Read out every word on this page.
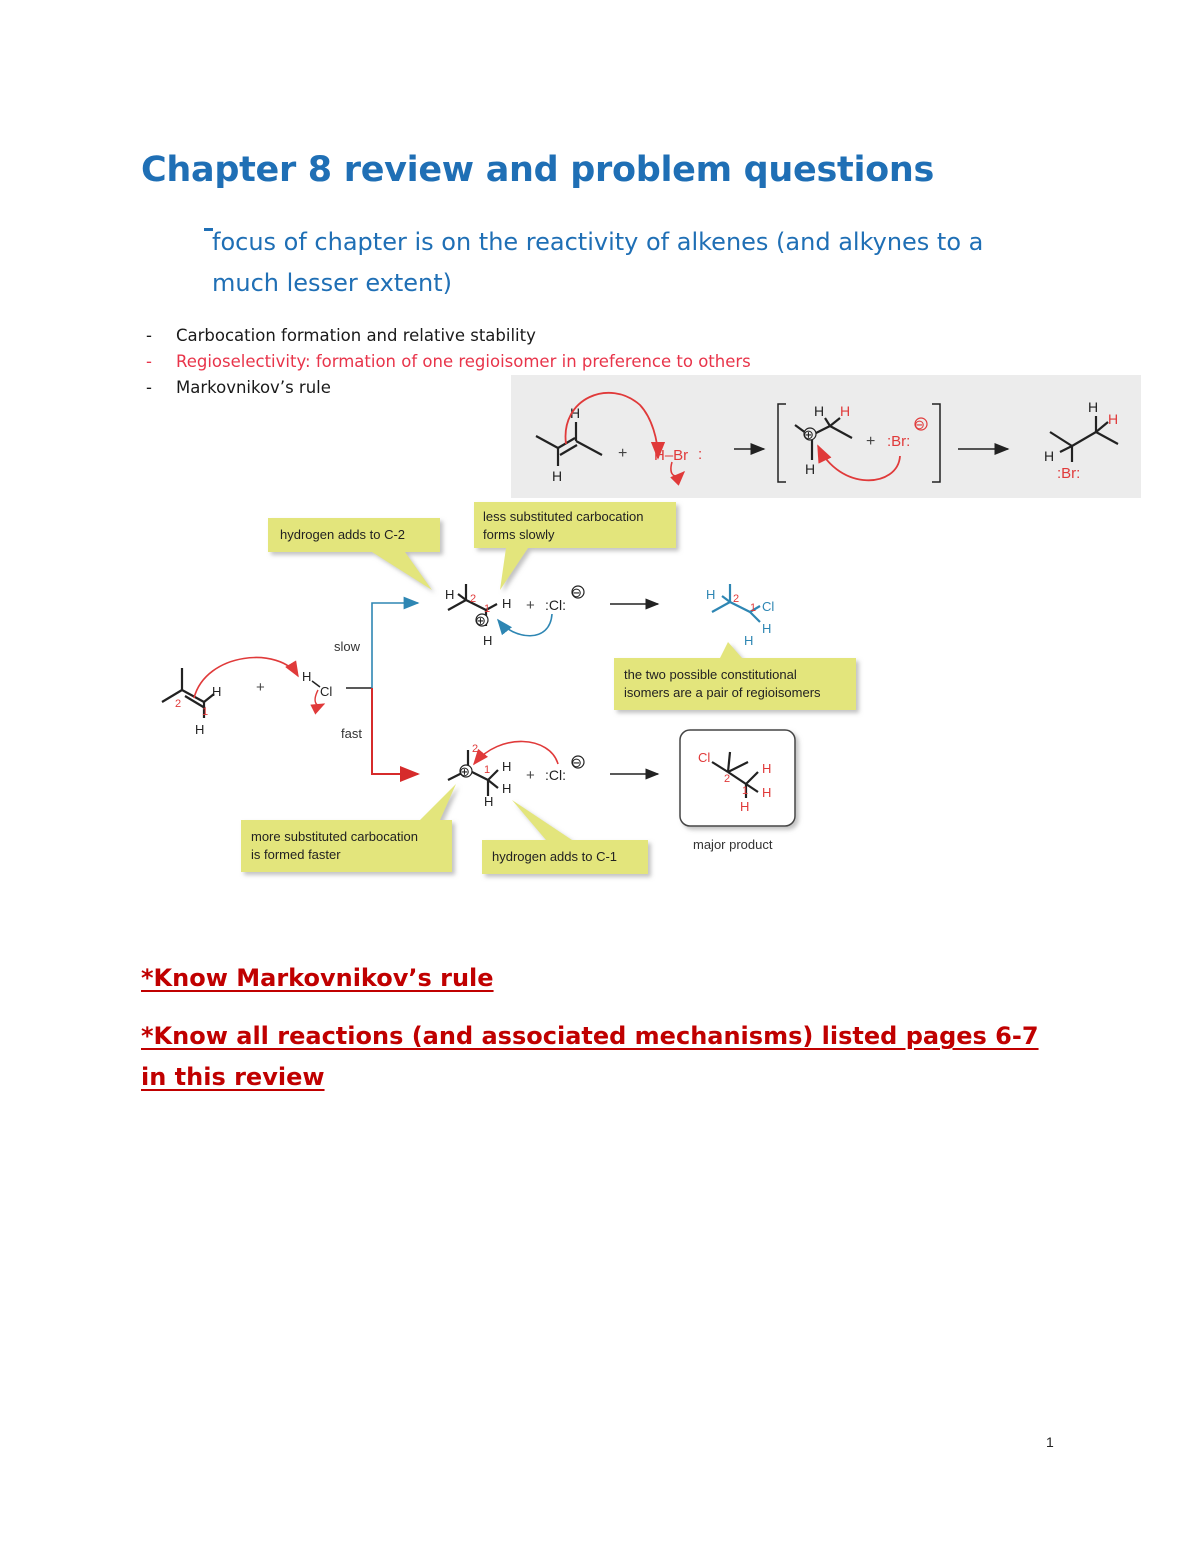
Chapter 8 review and problem questions
focus of chapter is on the reactivity of alkenes (and alkynes to a much lesser extent)
-	Carbocation formation and relative stability
-	Regioselectivity: formation of one regioisomer in preference to others
-	Markovnikov’s rule
H
H
+ H–Br :
⊕
H H
H
+ :Br:
⊖
H
H
H
:Br:
hydrogen adds to C-2
less substituted carbocation
forms slowly
the two possible constitutional
isomers are a pair of regioisomers
more substituted carbocation
is formed faster	hydrogen adds to C-1
2
1
H
H
+
H
Cl
slow
fast
H 2
1 H
⊕
H
+ :Cl:
⊖	H 2
1 Cl
H
H
⊕
2
1 H
H
H
+ :Cl:
⊖	Cl
2
1
H
H
H
major product
*Know Markovnikov’s rule
*Know all reactions (and associated mechanisms) listed pages 6-7 in this review
1
